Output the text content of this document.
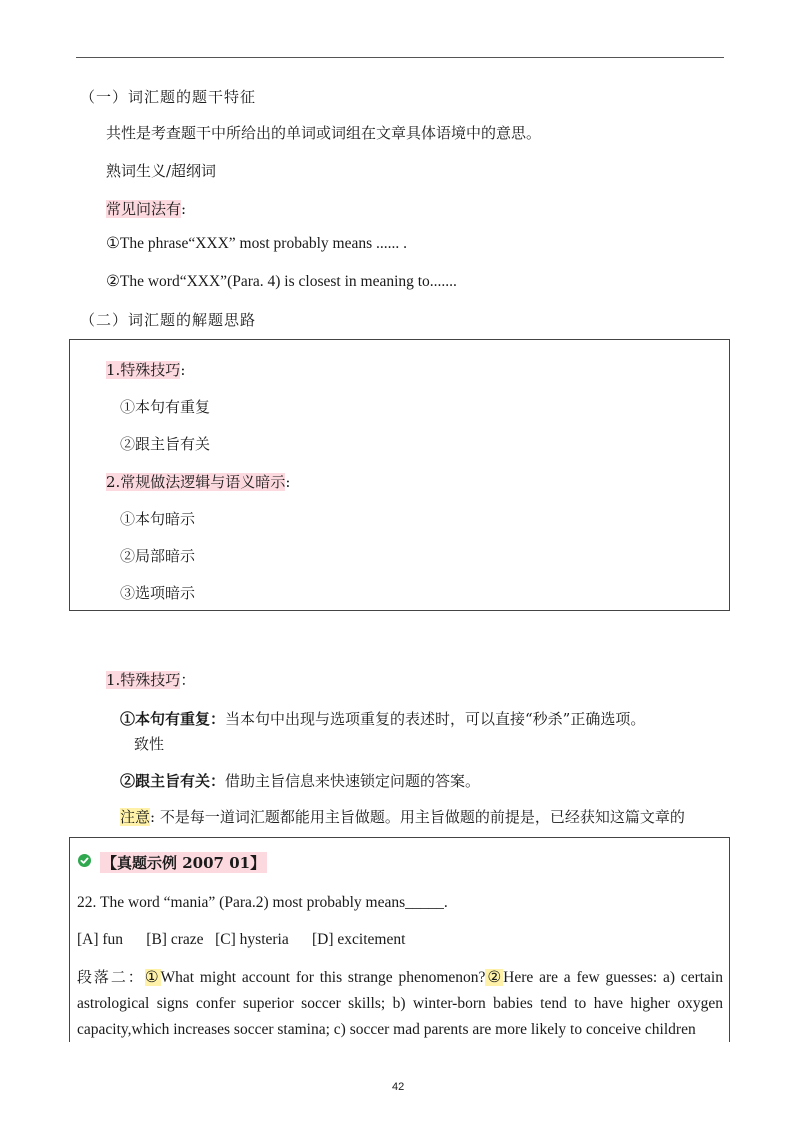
（一）词汇题的题干特征
共性是考查题干中所给出的单词或词组在文章具体语境中的意思。
熟词生义/超纲词
常见问法有:
①The phrase“XXX” most probably means ...... .
②The word“XXX”(Para. 4) is closest in meaning to.......
（二）词汇题的解题思路
1.特殊技巧:
①本句有重复
②跟主旨有关
2.常规做法逻辑与语义暗示:
①本句暗示
②局部暗示
③选项暗示
1.特殊技巧：
①本句有重复：当本句中出现与选项重复的表述时，可以直接“秒杀”正确选项。
致性
②跟主旨有关：借助主旨信息来快速锁定问题的答案。
注意: 不是每一道词汇题都能用主旨做题。用主旨做题的前提是，已经获知这篇文章的
【真题示例 2007 01】
22. The word “mania” (Para.2) most probably means_____.
[A] fun      [B] craze   [C] hysteria      [D] excitement
段落二：①What might account for this strange phenomenon?②Here are a few guesses: a) certain astrological signs confer superior soccer skills; b) winter-born babies tend to have higher oxygen capacity,which increases soccer stamina; c) soccer mad parents are more likely to conceive children
42
